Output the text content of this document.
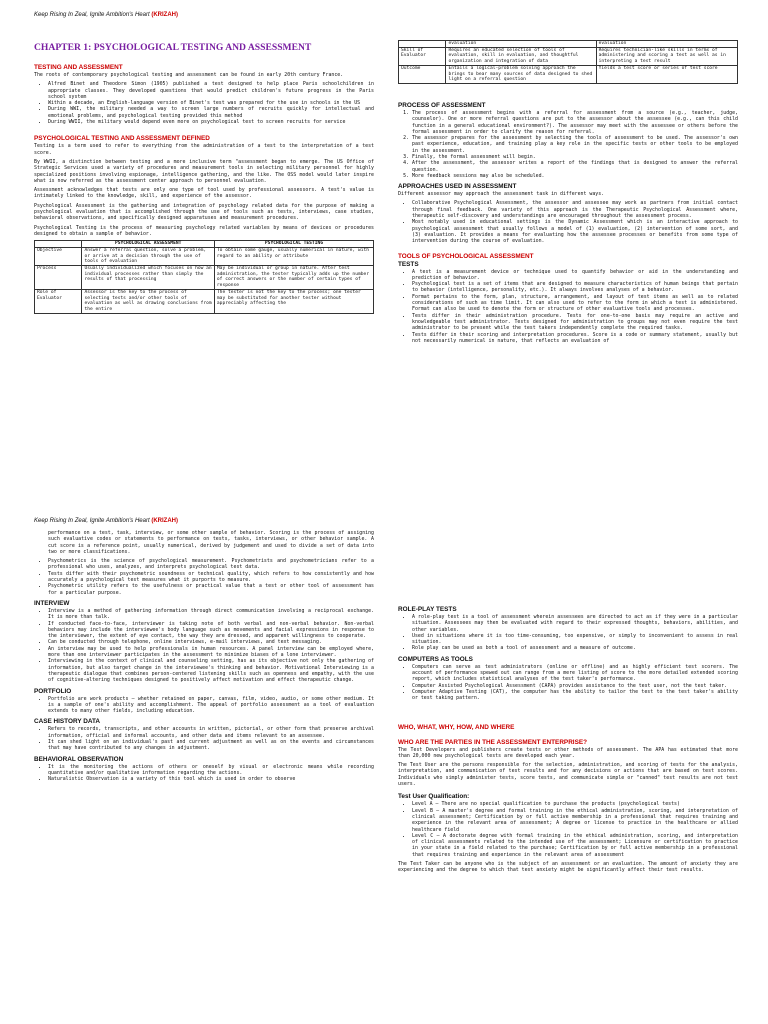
Keep Rising In Zeal, Ignite Ambition's Heart (KRIZAH)
CHAPTER 1: PSYCHOLOGICAL TESTING AND ASSESSMENT
TESTING AND ASSESSMENT

The roots of contemporary psychological testing and assessment can be found in early 20th century France.

• Alfred Binet and Theodore Simon (1905) published a test designed to help place Paris schoolchildren in appropriate classes. They developed questions that would predict children's future progress in the Paris school system
• Within a decade, an English-language version of Binet's test was prepared for the use in schools in the US
• During WWI, the military needed a way to screen large numbers of recruits quickly for intellectual and emotional problems, and psychological testing provided this method
• During WWII, the military would depend even more on psychological test to screen recruits for service
PSYCHOLOGICAL TESTING AND ASSESSMENT DEFINED

Testing is a term used to refer to everything from the administration of a test to the interpretation of a test score.

By WWII, a distinction between testing and a more inclusive term "assessment began to emerge. The US Office of Strategic Services used a variety of procedures and measurement tools in selecting military personnel for highly specialized positions involving espionage, intelligence gathering, and the like. The OSS model would later inspire what is now referred as the assessment center approach to personnel evaluation.

Assessment acknowledges that tests are only one type of tool used by professional assessors. A test's value is intimately linked to the knowledge, skill, and experience of the assessor.

Psychological Assessment is the gathering and integration of psychology related data for the purpose of making a psychological evaluation that is accomplished through the use of tools such as tests, interviews, case studies, behavioral observations, and specifically designed apparatuses and measurement procedures.

Psychological Testing is the process of measuring psychology related variables by means of devices or procedures designed to obtain a sample of behavior.

	PSYCHOLOGICAL ASSESSMENT	PSYCHOLOGICAL TESTING
Objective	Answer a referral question, solve a problem, or arrive at a decision through the use of tools of evaluation	To obtain some gauge, usually numerical in nature, with regard to an ability or attribute
Process	Usually individualized which focuses on how an individual processes rather than simply the results of that processing	May be individual or group in nature. After test administration, the tester typically adds up the number of correct answers or the number of certain types of response
Role of Evaluator	Assessor is the key to the process of selecting tests and/or other tools of evaluation as well as drawing conclusions from the entire	The tester is not the key to the process; one tester may be substituted for another tester without appreciably affecting the
	evaluation	evaluation
Skill of Evaluator	Requires an educated selection of tools of evaluation, skill in evaluation, and thoughtful organization and integration of data	Requires technician-like skills in terms of administering and scoring a test as well as in interpreting a test result
Outcome	Entails a logical-problem solving approach the brings to bear many sources of data designed to shed light on a referral question	Yields a test score or series of test score
PROCESS OF ASSESSMENT
1. The process of assessment begins with a referral for assessment from a source (e.g., teacher, judge, counselor). One or more referral questions are put to the assessor about the assessee (e.g., can this child function in a general educational environment?). The assessor may meet with the assessee or others before the formal assessment in order to clarify the reason for referral.
2. The assessor prepares for the assessment by selecting the tools of assessment to be used. The assessor's own past experience, education, and training play a key role in the specific tests or other tools to be employed in the assessment.
3. Finally, the formal assessment will begin.
4. After the assessment, the assessor writes a report of the findings that is designed to answer the referral question.
5. More feedback sessions may also be scheduled.
APPROACHES USED IN ASSESSMENT

Different assessor may approach the assessment task in different ways.

• Collaborative Psychological Assessment, the assessor and assessee may work as partners from initial contact through final feedback. One variety of this approach is the Therapeutic Psychological Assessment where, therapeutic self-discovery and understandings are encouraged throughout the assessment process.
• Most notably used in educational settings is the Dynamic Assessment which is an interactive approach to psychological assessment that usually follows a model of (1) evaluation, (2) intervention of some sort, and (3) evaluation. It provides a means for evaluating how the assessee processes or benefits from some type of intervention during the course of evaluation.
TOOLS OF PSYCHOLOGICAL ASSESSMENT
TESTS
• A test is a measurement device or technique used to quantify behavior or aid in the understanding and prediction of behavior.
• Psychological test is a set of items that are designed to measure characteristics of human beings that pertain to behavior (intelligence, personality, etc.). It always involves analyses of a behavior.
• Format pertains to the form, plan, structure, arrangement, and layout of test items as well as to related considerations of such as time limit. It can also used to refer to the form in which a test is administered. Format can also be used to denote the form or structure of other evaluative tools and processes.
• Tests differ in their administration procedure. Tests for one-to-one basis may require an active and knowledgeable test administrator. Tests designed for administration to groups may not even require the test administrator to be present while the test takers independently complete the required tasks.
• Tests differ in their scoring and interpretation procedures. Score is a code or summary statement, usually but not necessarily numerical in nature, that reflects an evaluation of
Keep Rising In Zeal, Ignite Ambition's Heart (KRIZAH)

performance on a test, task, interview, or some other sample of behavior. Scoring is the process of assigning such evaluative codes or statements to performance on tests, tasks, interviews, or other behavior sample. A cut score is a reference point, usually numerical, derived by judgement and used to divide a set of data into two or more classifications.

• Psychometrics is the science of psychological measurement. Psychometrists and psychometricians refer to a professional who uses, analyzes, and interprets psychological test data.
• Tests differ with their psychometric soundness or technical quality, which refers to how consistently and how accurately a psychological test measures what it purports to measure.
• Psychometric utility refers to the usefulness or practical value that a test or other tool of assessment has for a particular purpose.
INTERVIEW
• Interview is a method of gathering information through direct communication involving a reciprocal exchange. It is more than talk.
• If conducted face-to-face, interviewer is taking note of both verbal and non-verbal behavior. Non-verbal behaviors may include the interviewee's body language such as movements and facial expressions in response to the interviewer, the extent of eye contact, the way they are dressed, and apparent willingness to cooperate.
• Can be conducted through telephone, online interviews, e-mail interviews, and text messaging.
• An interview may be used to help professionals in human resources. A panel interview can be employed where, more than one interviewer participates in the assessment to minimize biases of a lone interviewer.
• Interviewing in the context of clinical and counseling setting, has as its objective not only the gathering of information, but also target change in the interviewee's thinking and behavior. Motivational Interviewing is a therapeutic dialogue that combines person-centered listening skills such as openness and empathy, with the use of cognitive-altering techniques designed to positively affect motivation and effect therapeutic change.
PORTFOLIO
• Portfolio are work products – whether retained on paper, canvas, film, video, audio, or some other medium. It is a sample of one's ability and accomplishment. The appeal of portfolio assessment as a tool of evaluation extends to many other fields, including education.
CASE HISTORY DATA
• Refers to records, transcripts, and other accounts in written, pictorial, or other form that preserve archival information, official and informal accounts, and other data and items relevant to an assessee.
• It can shed light on an individual's past and current adjustment as well as on the events and circumstances that may have contributed to any changes in adjustment.
BEHAVIORAL OBSERVATION
• It is the monitoring the actions of others or oneself by visual or electronic means while recording quantitative and/or qualitative information regarding the actions.
• Naturalistic Observation is a variety of this tool which is used in order to observe
ROLE-PLAY TESTS
• A role-play test is a tool of assessment wherein assessees are directed to act as if they were in a particular situation. Assessees may then be evaluated with regard to their expressed thoughts, behaviors, abilities, and other variables.
• Used in situations where it is too time-consuming, too expensive, or simply to inconvenient to assess in real situation.
• Role play can be used as both a tool of assessment and a measure of outcome.
COMPUTERS AS TOOLS
• Computers can serve as test administrators (online or offline) and as highly efficient test scorers. The account of performance spewed out can range from a mere listing of score to the more detailed extended scoring report, which includes statistical analyses of the test taker's performance.
• Computer Assisted Psychological Assessment (CAPA) provides assistance to the test user, not the test taker.
• Computer Adaptive Testing (CAT), the computer has the ability to tailor the test to the test taker's ability or test taking pattern.
WHO, WHAT, WHY, HOW, AND WHERE
WHO ARE THE PARTIES IN THE ASSESSMENT ENTERPRISE?

The Test Developers and publishers create tests or other methods of assessment. The APA has estimated that more than 20,000 new psychological tests are developed each year.

The Test User are the persons responsible for the selection, administration, and scoring of tests for the analysis, interpretation, and communication of test results and for any decisions or actions that are based on test scores. Individuals who simply administer tests, score tests, and communicate simple or "canned" test results are not test users.

Test User Qualification:
• Level A – There are no special qualification to purchase the products (psychological tests)
• Level B – A master's degree and formal training in the ethical administration, scoring, and interpretation of clinical assessment; Certification by or full active membership in a professional that requires training and experience in the relevant area of assessment; A degree or license to practice in the healthcare or allied healthcare field
• Level C – A doctorate degree with formal training in the ethical administration, scoring, and interpretation of clinical assessments related to the intended use of the assessment; Licensure or certification to practice in your state in a field related to the purchase; Certification by or full active membership in a professional that requires training and experience in the relevant area of assessment

The Test Taker can be anyone who is the subject of an assessment or an evaluation. The amount of anxiety they are experiencing and the degree to which that test anxiety might be significantly affect their test results.
